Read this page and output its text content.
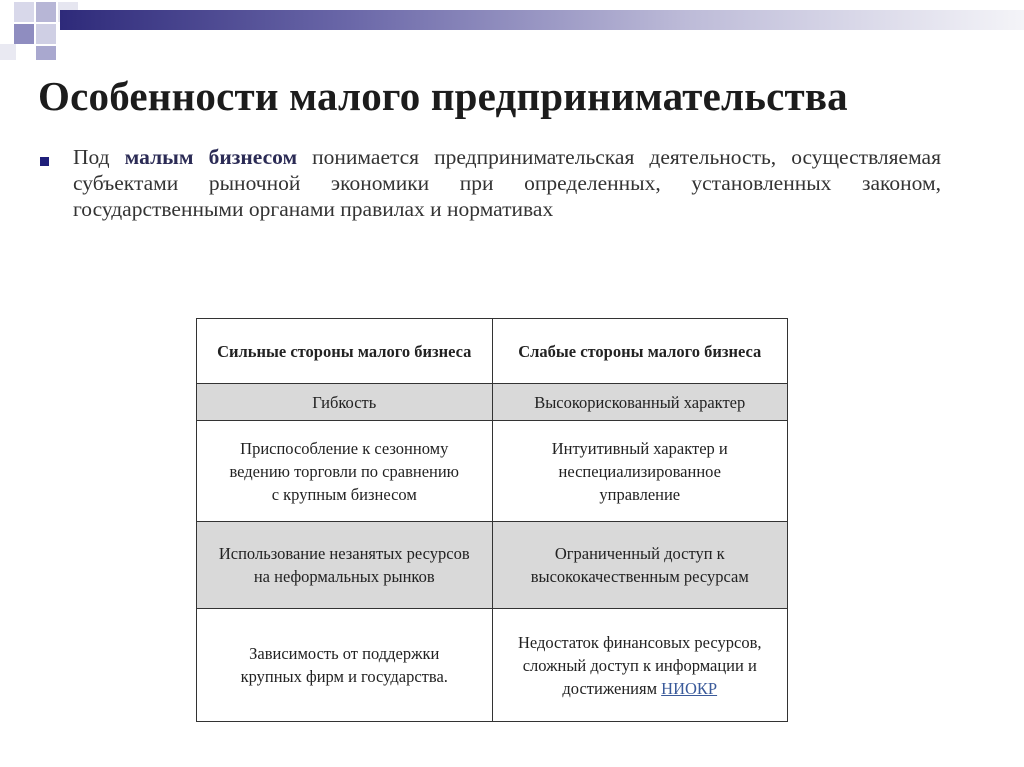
Особенности малого предпринимательства
Под малым бизнесом понимается предпринимательская деятельность, осуществляемая субъектами рыночной экономики при определенных, установленных законом, государственными органами правилах и нормативах
Сильные стороны малого бизнеса	Слабые стороны малого бизнеса
Гибкость	Высокорискованный характер
Приспособление к сезонному ведению торговли по сравнению с крупным бизнесом	Интуитивный характер и неспециализированное управление
Использование незанятых ресурсов на неформальных рынков	Ограниченный доступ к высококачественным ресурсам
Зависимость от поддержки крупных фирм и государства.	Недостаток финансовых ресурсов, сложный доступ к информации и достижениям НИОКР
